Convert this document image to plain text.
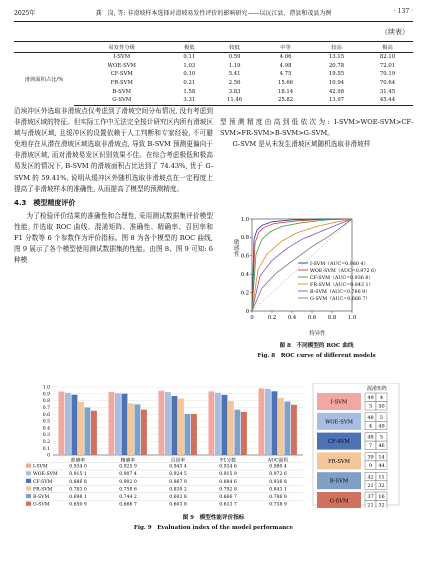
2025年	龚　岗, 等: 非滑坡样本选择对滑坡易发性评价的影响研究——以沅江县、澧县和茂县为例	· 137 ·
（续表）
	易发性分级	极低	较低	中等	较高	极高
滑坡面积占比/%	I-SVM	0.11	0.59	4.06	13.15	82.10
	WOE-SVM	1.03	1.19	4.98	20.78	72.01
	CF-SVM	0.10	5.41	4.75	19.55	70.19
	FR-SVM	0.21	2.56	15.66	10.94	70.64
	B-SVM	1.58	3.83	18.14	42.98	31.45
	G-SVM	3.31	11.46	25.82	13.97	45.44

沿埃冲区外选取非滑坡点仅考虑到了滑坡空间分布情况, 没有考虑到非滑坡区域的特征。但实际工作中无法完全按计研究区内所有滑坡区域与滑坡区域, 且缓冲区的设置依赖于人工判断和专家经验, 不可避免地存在从潜在滑坡区域选取非滑坡点, 导致 B-SVM 预测更偏向于非滑坡区域, 而对滑坡易发区识别效果不佳。在综合考虑极低和极高易发区的情况下, B-SVM 的滑坡面积占比达到了 74.43%, 优于 G-SVM 的 59.41%, 说明从缓冲区外随机选取非滑坡点在一定程度上提高了非滑坡样本的准确性, 从而提高了模型的预测精度。

4.3　模型精度评价

为了检验评价结果的准确性和合理性, 采用测试数据集评价模型性能, 并选取 ROC 曲线、混淆矩阵、准确性、精确率、召回率和 F1 分数等 6 个参数作为评价指标。图 8 为各个模型的 ROC 曲线, 图 9 展示了各个模型使用测试数据集的性能。由图 8、图 9 可知: 6 种模

型预测精度由高到低依次为: I-SVM>WOE-SVM>CF-SVM>FR-SVM>B-SVM>G-SVM。

G-SVM 是从未发生滑坡区域随机选取非滑坡样

敏感性
0	0.2 0.4 0.6 0.8 1.0
0
0.2
0.4
0.6
0.8
1.0
I-SVM（AUC=0.980 4）
WOE-SVM（AUC=0.972 6）
CF-SVM（AUC=0.936 8）
FR-SVM（AUC=0.843 1）
B-SVM（AUC=0.786 9）
G-SVM（AUC=0.666 7）
特异性
图 8　不同模型的 ROC 曲线
Fig. 8　ROC curve of different models
0
0.1
0.2
0.3
0.4
0.5
0.6
0.7
0.8
0.9
1.0
准确率	精确率	召回率	F1分数	AUC面积
I-SVM	0.934 0	0.925 9	0.943 4	0.934 6	0.980 4
WOE-SVM	0.915 1	0.907 4	0.924 5	0.915 9	0.972 6
CF-SVM	0.886 8	0.902 0	0.867 9	0.884 6	0.936 8
FR-SVM	0.783 0	0.758 6	0.830 2	0.792 8	0.843 1
B-SVM	0.698 1	0.744 2	0.603 8	0.666 7	0.786 9
G-SVM	0.650 9	0.666 7	0.603 8	0.633 7	0.738 9
混淆矩阵
I-SVM
49 4
3 50
WOE-SVM
48 5
4 49
CF-SVM
48 5
7 46
FR-SVM
39 14
9 44
B-SVM
42 11
21 32
G-SVM
37 16
21 32
图 9　模型性能评价指标
Fig. 9　Evaluation index of the model performance
